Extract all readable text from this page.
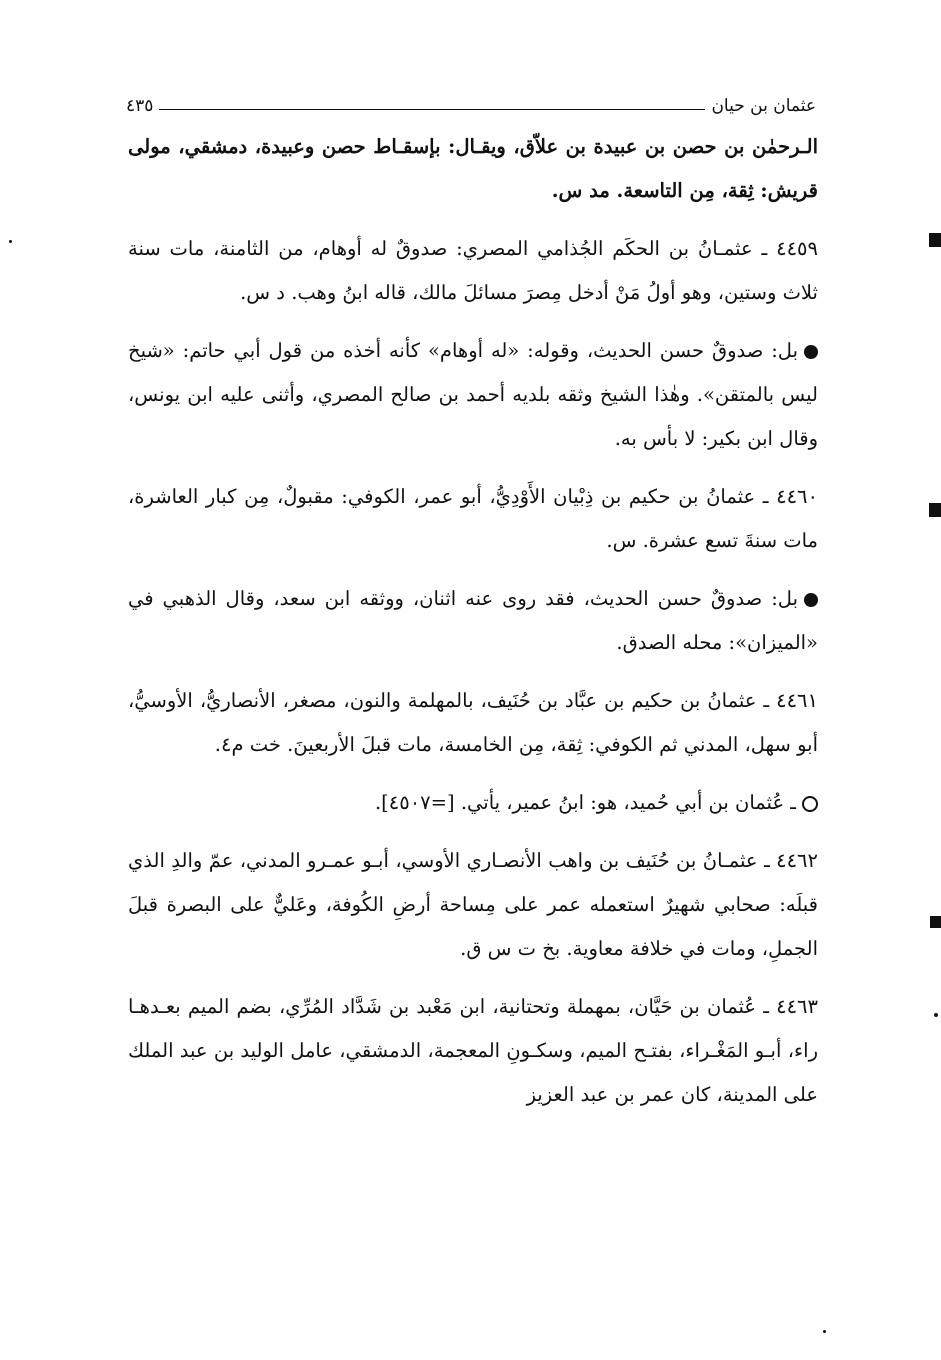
عثمان بن حيان
٤٣٥

الـرحمٰن بن حصن بن عبيدة بن علاّق، ويقـال: بإسقـاط حصن وعبيدة، دمشقي، مولى قريش: ثِقة، مِن التاسعة. مد س.

٤٤٥٩ ـ عثمـانُ بن الحكَم الجُذامي المصري: صدوقٌ له أوهام، من الثامنة، مات سنة ثلاث وستين، وهو أولُ مَنْ أدخل مِصرَ مسائلَ مالك، قاله ابنُ وهب. د س.

بل: صدوقٌ حسن الحديث، وقوله: «له أوهام» كأنه أخذه من قول أبي حاتم: «شيخ ليس بالمتقن». وهٰذا الشيخ وثقه بلديه أحمد بن صالح المصري، وأثنى عليه ابن يونس، وقال ابن بكير: لا بأس به.

٤٤٦٠ ـ عثمانُ بن حكيم بن ذِبْيان الأَوْدِيُّ، أبو عمر، الكوفي: مقبولٌ، مِن كبار العاشرة، مات سنةَ تسع عشرة. س.

بل: صدوقٌ حسن الحديث، فقد روى عنه اثنان، ووثقه ابن سعد، وقال الذهبي في «الميزان»: محله الصدق.

٤٤٦١ ـ عثمانُ بن حكيم بن عبَّاد بن حُنَيف، بالمهلمة والنون، مصغر، الأنصاريُّ، الأوسيُّ، أبو سهل، المدني ثم الكوفي: ثِقة، مِن الخامسة، مات قبلَ الأربعينَ. خت م٤.

ـ عُثمان بن أبي حُميد، هو: ابنُ عمير، يأتي. [=٤٥٠٧].

٤٤٦٢ ـ عثمـانُ بن حُنَيف بن واهب الأنصـاري الأوسي، أبـو عمـرو المدني، عمّ والدِ الذي قبلَه: صحابي شهيرٌ استعمله عمر على مِساحة أرضِ الكُوفة، وعَليٌّ على البصرة قبلَ الجملِ، ومات في خلافة معاوية. بخ ت س ق.

٤٤٦٣ ـ عُثمان بن حَيَّان، بمهملة وتحتانية، ابن مَعْبد بن شَدَّاد المُرِّي، بضم الميم بعـدهـا راء، أبـو المَغْـراء، بفتـح الميم، وسكـونِ المعجمة، الدمشقي، عامل الوليد بن عبد الملك على المدينة، كان عمر بن عبد العزيز
